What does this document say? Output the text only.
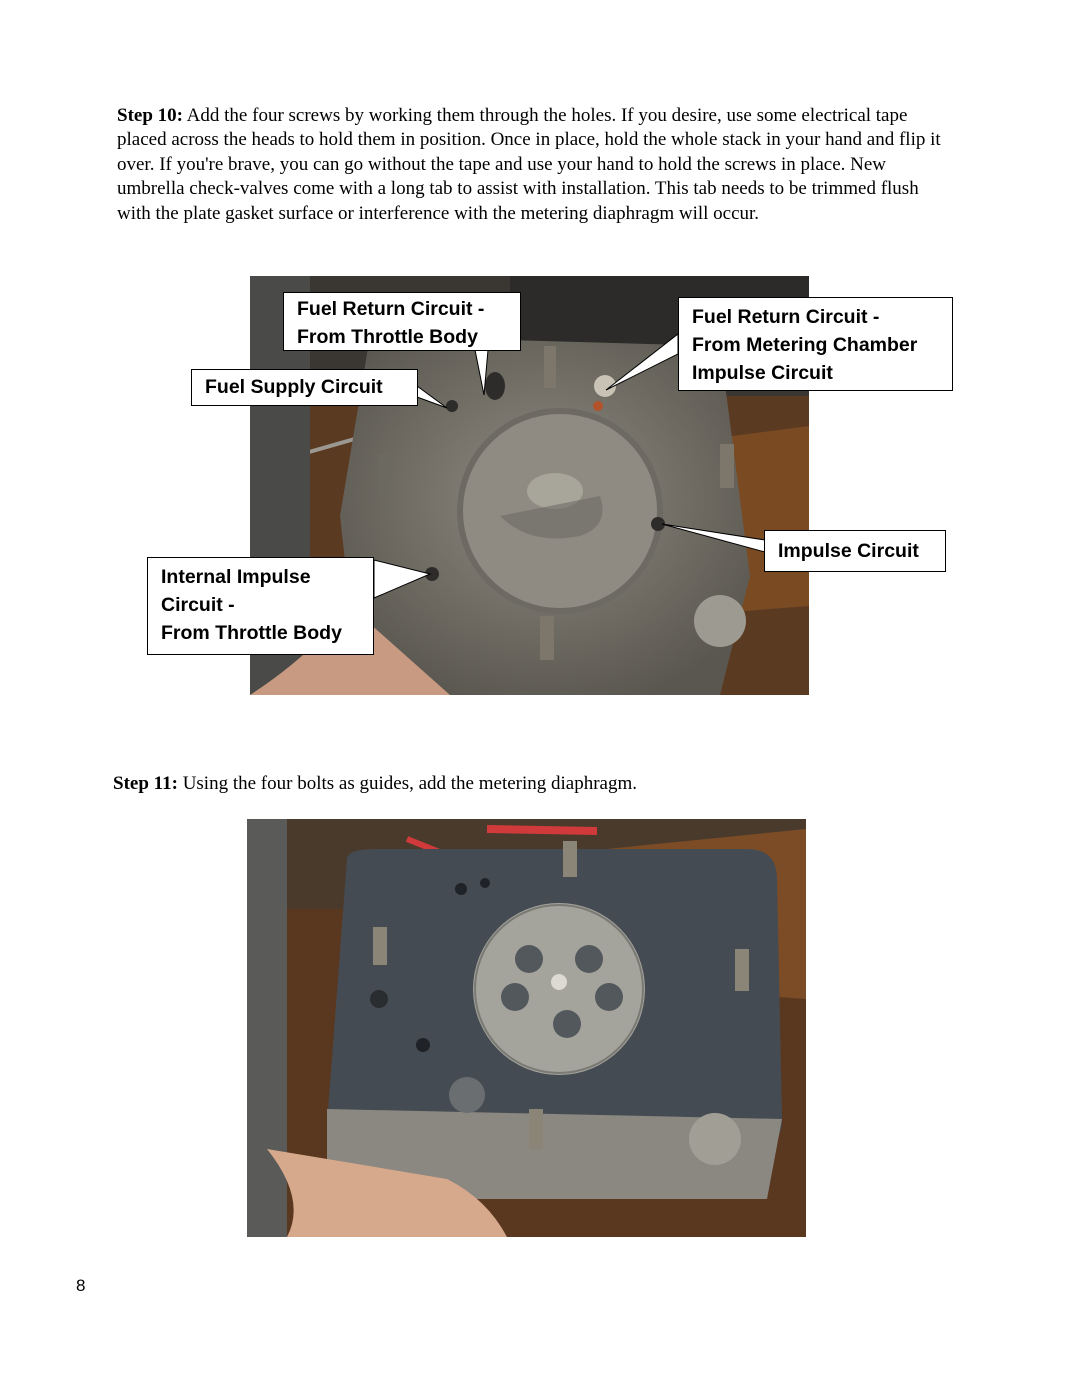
Step 10: Add the four screws by working them through the holes. If you desire, use some electrical tape placed across the heads to hold them in position. Once in place, hold the whole stack in your hand and flip it over. If you're brave, you can go without the tape and use your hand to hold the screws in place. New umbrella check-valves come with a long tab to assist with installation. This tab needs to be trimmed flush with the plate gasket surface or interference with the metering diaphragm will occur.
Fuel Return Circuit -
From Throttle Body
Fuel Return Circuit -
From Metering Chamber
Impulse Circuit
Fuel Supply Circuit
Impulse Circuit
Internal Impulse
Circuit -
From Throttle Body
Step 11: Using the four bolts as guides, add the metering diaphragm.
8
